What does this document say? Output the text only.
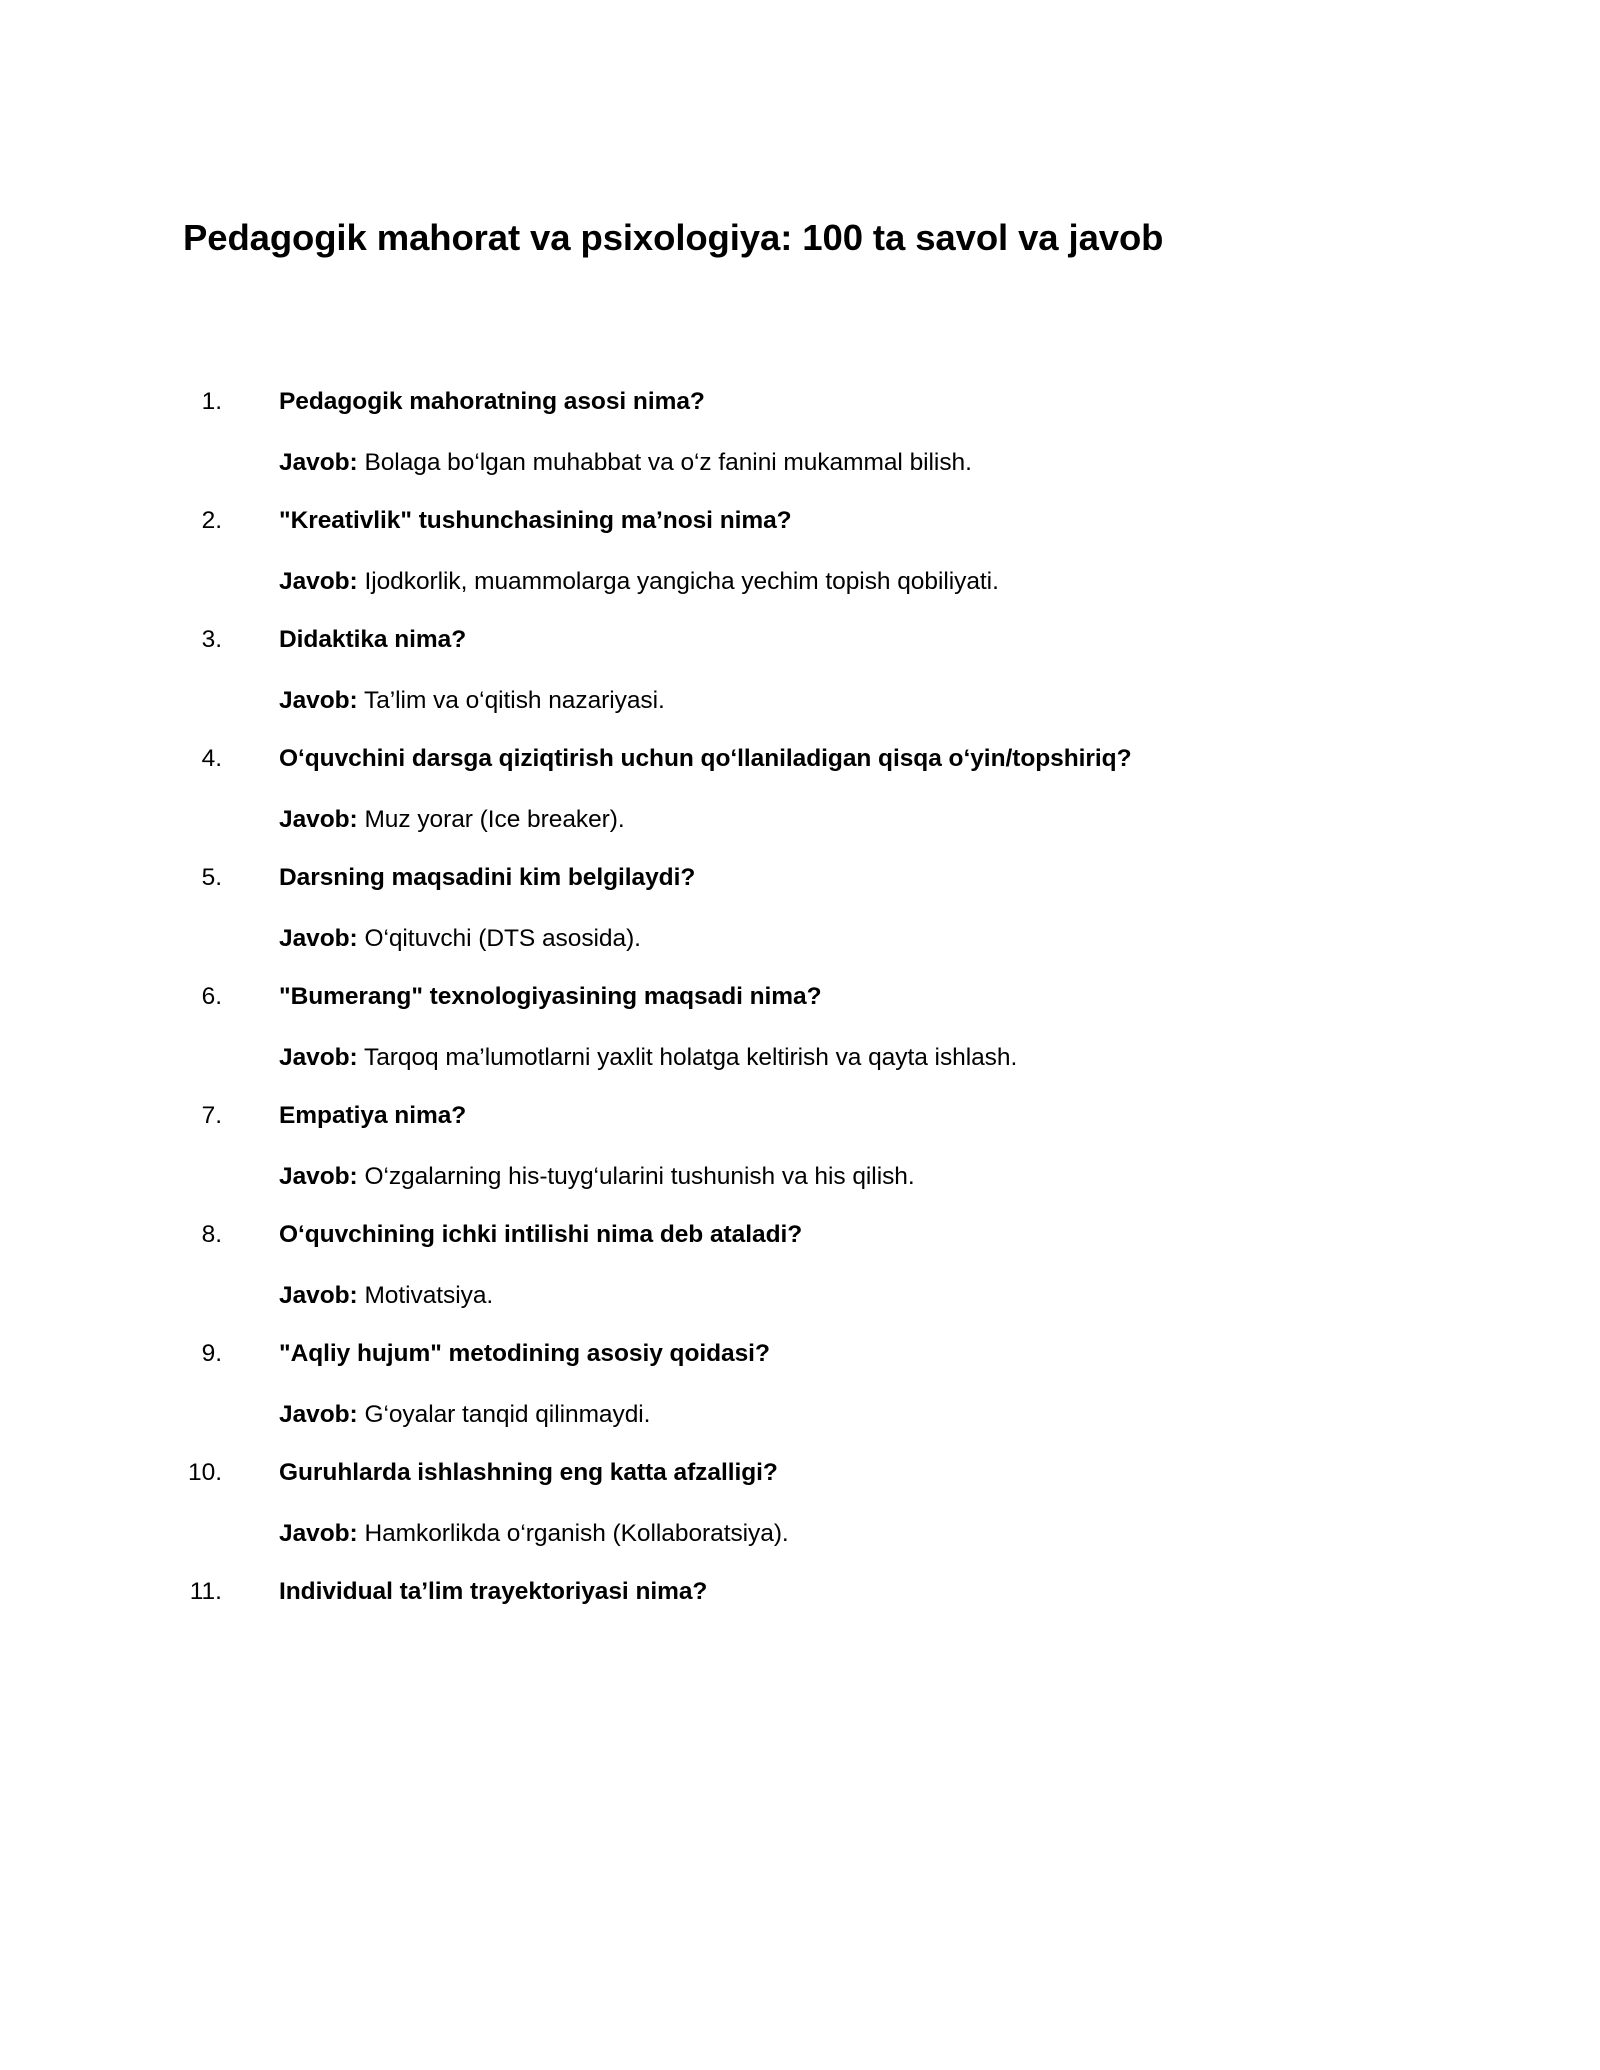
Pedagogik mahorat va psixologiya: 100 ta savol va javob
1. Pedagogik mahoratning asosi nima?
Javob: Bolaga bo‘lgan muhabbat va o‘z fanini mukammal bilish.
2. "Kreativlik" tushunchasining ma’nosi nima?
Javob: Ijodkorlik, muammolarga yangicha yechim topish qobiliyati.
3. Didaktika nima?
Javob: Ta’lim va o‘qitish nazariyasi.
4. O‘quvchini darsga qiziqtirish uchun qo‘llaniladigan qisqa o‘yin/topshiriq?
Javob: Muz yorar (Ice breaker).
5. Darsning maqsadini kim belgilaydi?
Javob: O‘qituvchi (DTS asosida).
6. "Bumerang" texnologiyasining maqsadi nima?
Javob: Tarqoq ma’lumotlarni yaxlit holatga keltirish va qayta ishlash.
7. Empatiya nima?
Javob: O‘zgalarning his-tuyg‘ularini tushunish va his qilish.
8. O‘quvchining ichki intilishi nima deb ataladi?
Javob: Motivatsiya.
9. "Aqliy hujum" metodining asosiy qoidasi?
Javob: G‘oyalar tanqid qilinmaydi.
10. Guruhlarda ishlashning eng katta afzalligi?
Javob: Hamkorlikda o‘rganish (Kollaboratsiya).
11. Individual ta’lim trayektoriyasi nima?
